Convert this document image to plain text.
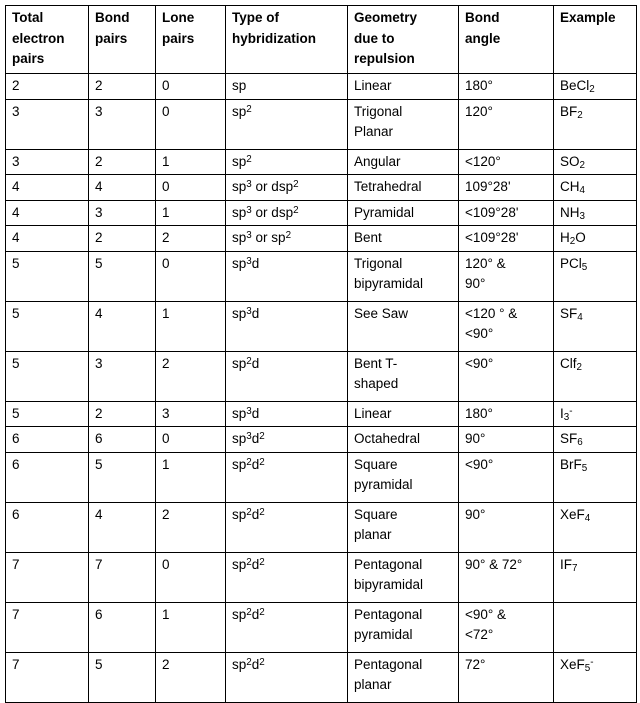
Total
electron
pairs	Bond
pairs	Lone
pairs	Type of
hybridization	Geometry
due to
repulsion	Bond
angle	Example

2	2	0	sp	Linear	180°	BeCl$_2$

3	3	0	$sp^2$	Trigonal
Planar	120°	$BF_2$

3	2	1	$sp^2$	Angular	<120°	$SO_2$

4	4	0	$sp^3$ or dsp$^2$	Tetrahedral	109°28'	$CH_4$

4	3	1	$sp^3$ or dsp$^2$	Pyramidal	<109°28'	$NH_3$

4	2	2	$sp^3$ or $sp^2$	Bent	<109°28'	$H_2O$

5	5	0	$sp^3d$	Trigonal
bipyramidal	120° &
90°	PCl$_5$

5	4	1	$sp^3d$	See Saw	<120 ° &
<90°	$SF_4$

5	3	2	$sp^2d$	Bent T-
shaped	<90°	Clf$_2$

5	2	3	$sp^3d$	Linear	180°	$I_3^-$

6	6	0	$sp^3d^2$	Octahedral	90°	$SF_6$

6	5	1	$sp^2d^2$	Square
pyramidal	<90°	BrF$_5$

6	4	2	$sp^2d^2$	Square
planar	90°	XeF$_4$

7	7	0	$sp^2d^2$	Pentagonal
bipyramidal	90° & 72°	$IF_7$

7	6	1	$sp^2d^2$	Pentagonal
pyramidal	<90° &
<72°	

7	5	2	$sp^2d^2$	Pentagonal
planar	72°	XeF$_5$-
